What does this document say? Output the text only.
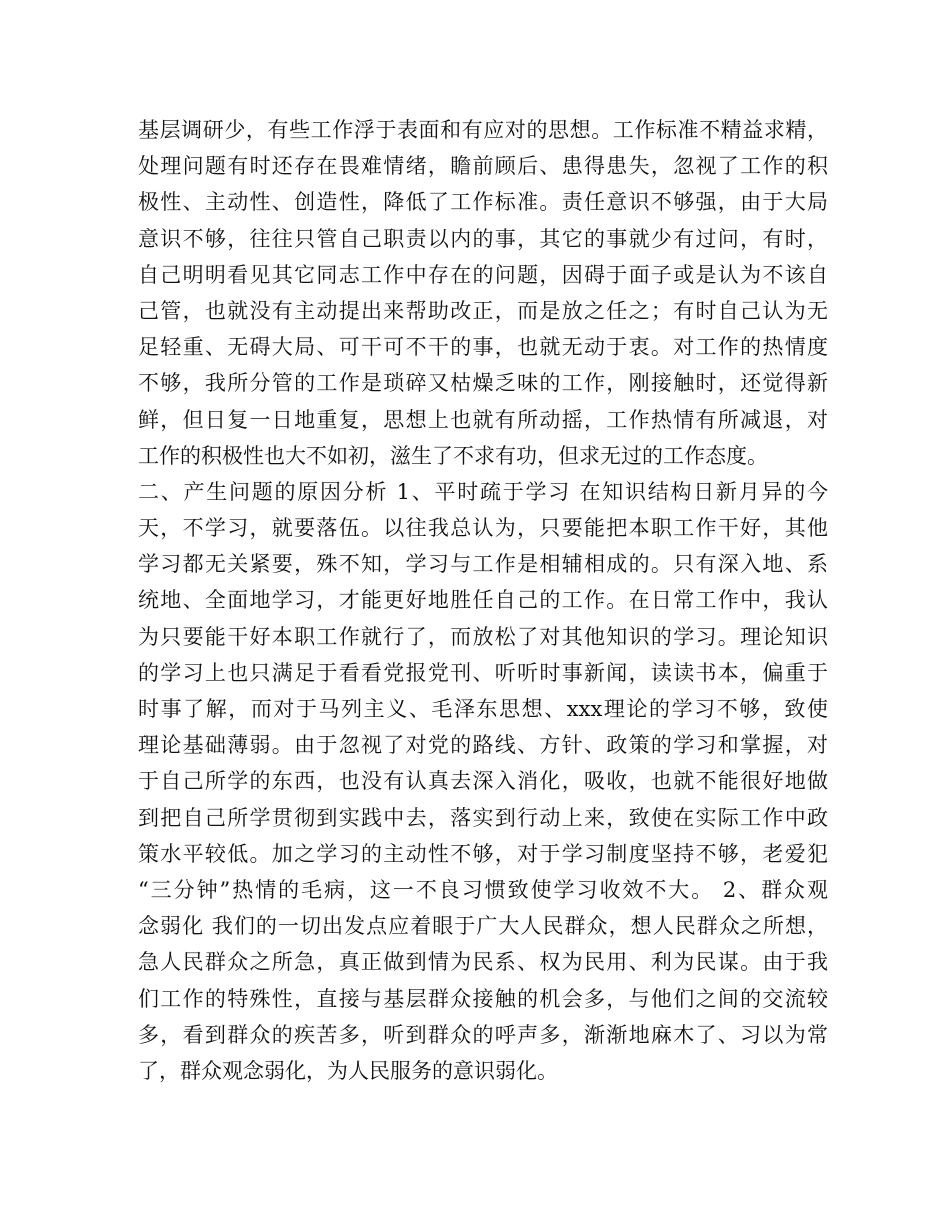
基层调研少，有些工作浮于表面和有应对的思想。工作标准不精益求精，
处理问题有时还存在畏难情绪，瞻前顾后、患得患失，忽视了工作的积
极性、主动性、创造性，降低了工作标准。责任意识不够强，由于大局
意识不够，往往只管自己职责以内的事，其它的事就少有过问，有时，
自己明明看见其它同志工作中存在的问题，因碍于面子或是认为不该自
己管，也就没有主动提出来帮助改正，而是放之任之；有时自己认为无
足轻重、无碍大局、可干可不干的事，也就无动于衷。对工作的热情度
不够，我所分管的工作是琐碎又枯燥乏味的工作，刚接触时，还觉得新
鲜，但日复一日地重复，思想上也就有所动摇，工作热情有所减退，对
工作的积极性也大不如初，滋生了不求有功，但求无过的工作态度。
二、产生问题的原因分析 1、平时疏于学习 在知识结构日新月异的今
天，不学习，就要落伍。以往我总认为，只要能把本职工作干好，其他
学习都无关紧要，殊不知，学习与工作是相辅相成的。只有深入地、系
统地、全面地学习，才能更好地胜任自己的工作。在日常工作中，我认
为只要能干好本职工作就行了，而放松了对其他知识的学习。理论知识
的学习上也只满足于看看党报党刊、听听时事新闻，读读书本，偏重于
时事了解，而对于马列主义、毛泽东思想、xxx理论的学习不够，致使
理论基础薄弱。由于忽视了对党的路线、方针、政策的学习和掌握，对
于自己所学的东西，也没有认真去深入消化，吸收，也就不能很好地做
到把自己所学贯彻到实践中去，落实到行动上来，致使在实际工作中政
策水平较低。加之学习的主动性不够，对于学习制度坚持不够，老爱犯
“三分钟”热情的毛病，这一不良习惯致使学习收效不大。 2、群众观
念弱化 我们的一切出发点应着眼于广大人民群众，想人民群众之所想，
急人民群众之所急，真正做到情为民系、权为民用、利为民谋。由于我
们工作的特殊性，直接与基层群众接触的机会多，与他们之间的交流较
多，看到群众的疾苦多，听到群众的呼声多，渐渐地麻木了、习以为常
了，群众观念弱化，为人民服务的意识弱化。
